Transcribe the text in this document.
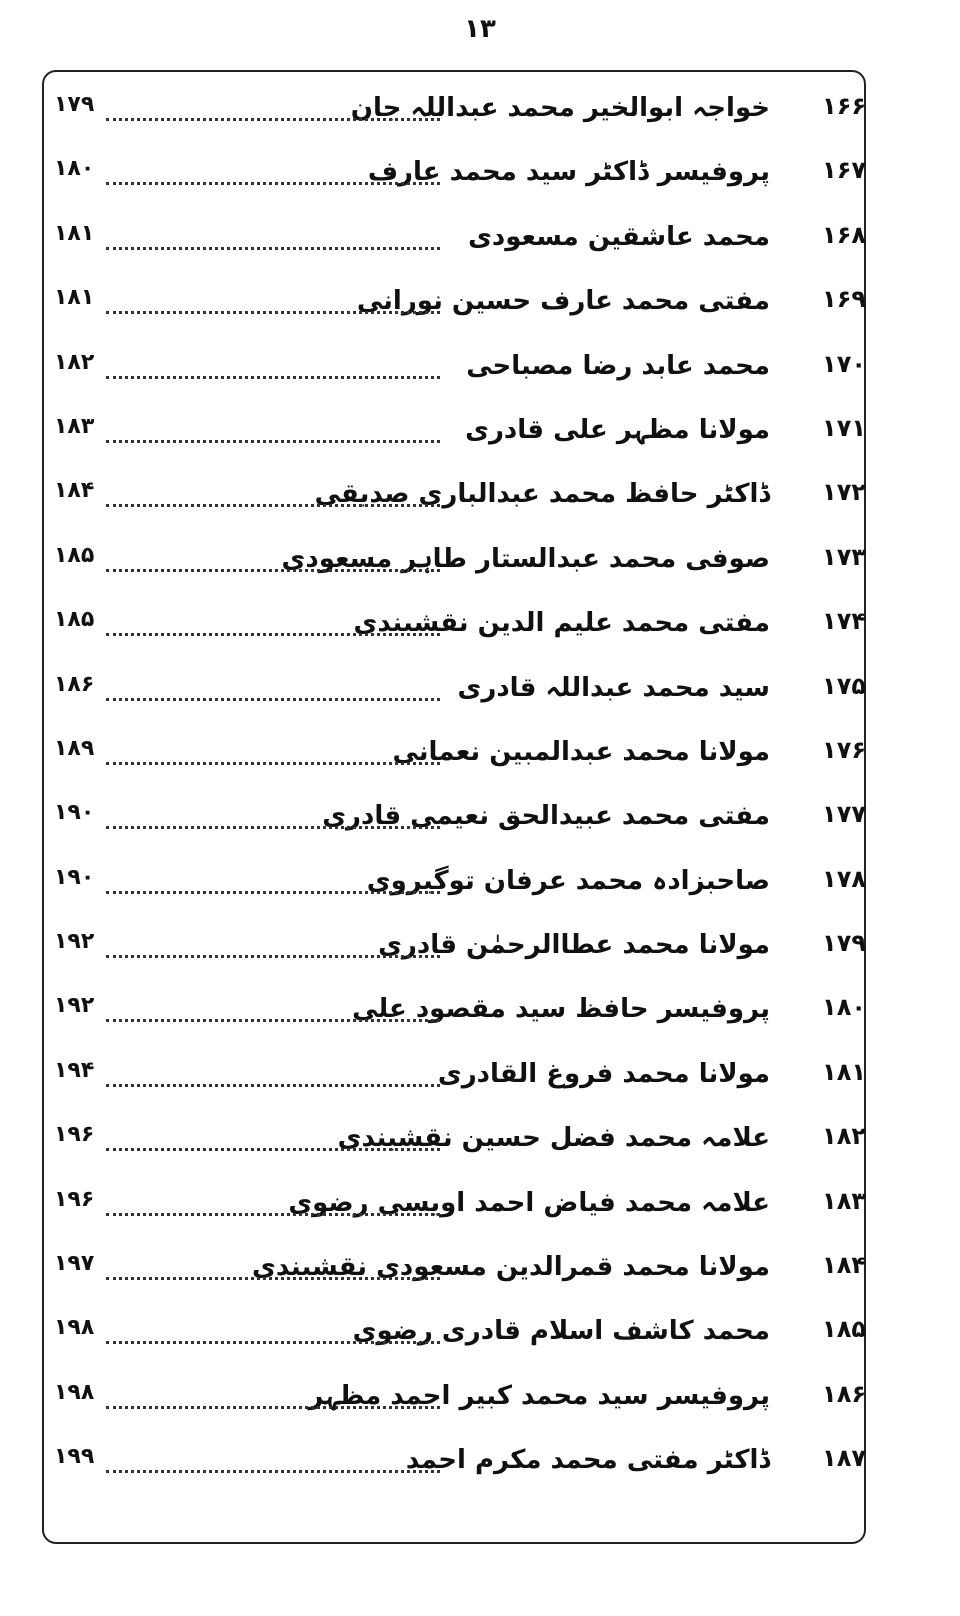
۱۳
۱۶۶
خواجہ ابوالخیر محمد عبداللہ جان
۱۷۹
۱۶۷
پروفیسر ڈاکٹر سید محمد عارف
۱۸۰
۱۶۸
محمد عاشقین مسعودی
۱۸۱
۱۶۹
مفتی محمد عارف حسین نورانی
۱۸۱
۱۷۰
محمد عابد رضا مصباحی
۱۸۲
۱۷۱
مولانا مظہر علی قادری
۱۸۳
۱۷۲
ڈاکٹر حافظ محمد عبدالباری صدیقی
۱۸۴
۱۷۳
صوفی محمد عبدالستار طاہر مسعودی
۱۸۵
۱۷۴
مفتی محمد علیم الدین نقشبندی
۱۸۵
۱۷۵
سید محمد عبداللہ قادری
۱۸۶
۱۷۶
مولانا محمد عبدالمبین نعمانی
۱۸۹
۱۷۷
مفتی محمد عبیدالحق نعیمی قادری
۱۹۰
۱۷۸
صاحبزادہ محمد عرفان توگیروی
۱۹۰
۱۷۹
مولانا محمد عطاالرحمٰن قادری
۱۹۲
۱۸۰
پروفیسر حافظ سید مقصود علی
۱۹۲
۱۸۱
مولانا محمد فروغ القادری
۱۹۴
۱۸۲
علامہ محمد فضل حسین نقشبندی
۱۹۶
۱۸۳
علامہ محمد فیاض احمد اویسی رضوی
۱۹۶
۱۸۴
مولانا محمد قمرالدین مسعودی نقشبندی
۱۹۷
۱۸۵
محمد کاشف اسلام قادری رضوی
۱۹۸
۱۸۶
پروفیسر سید محمد کبیر احمد مظہر
۱۹۸
۱۸۷
ڈاکٹر مفتی محمد مکرم احمد
۱۹۹
